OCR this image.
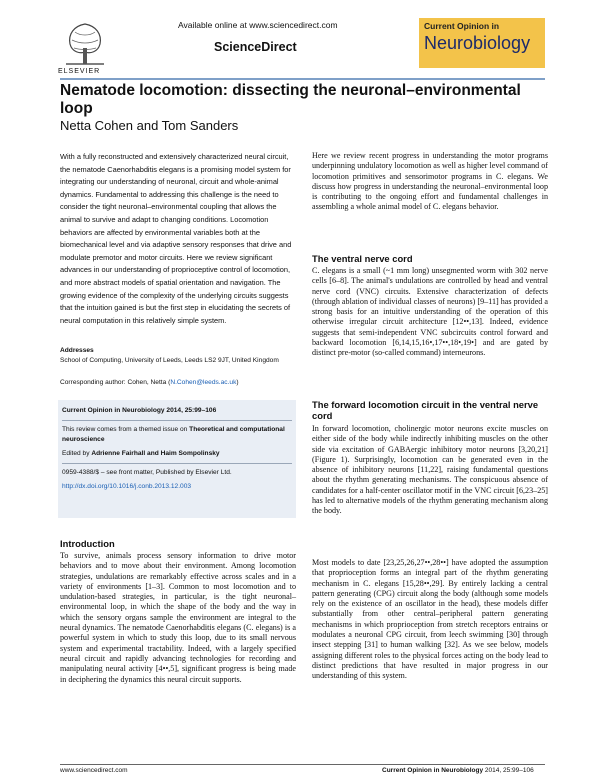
ELSEVIER
Available online at www.sciencedirect.com
ScienceDirect
Current Opinion in
Neurobiology
Nematode locomotion: dissecting the neuronal–environmental loop
Netta Cohen and Tom Sanders
With a fully reconstructed and extensively characterized neural circuit, the nematode Caenorhabditis elegans is a promising model system for integrating our understanding of neuronal, circuit and whole-animal dynamics. Fundamental to addressing this challenge is the need to consider the tight neuronal–environmental coupling that allows the animal to survive and adapt to changing conditions. Locomotion behaviors are affected by environmental variables both at the biomechanical level and via adaptive sensory responses that drive and modulate premotor and motor circuits. Here we review significant advances in our understanding of proprioceptive control of locomotion, and more abstract models of spatial orientation and navigation. The growing evidence of the complexity of the underlying circuits suggests that the intuition gained is but the first step in elucidating the secrets of neural computation in this relatively simple system.
Addresses
School of Computing, University of Leeds, Leeds LS2 9JT, United Kingdom
Corresponding author: Cohen, Netta (N.Cohen@leeds.ac.uk)
Current Opinion in Neurobiology 2014, 25:99–106
This review comes from a themed issue on Theoretical and computational neuroscience
Edited by Adrienne Fairhall and Haim Sompolinsky
0959-4388/$ – see front matter, Published by Elsevier Ltd.
http://dx.doi.org/10.1016/j.conb.2013.12.003
Introduction
To survive, animals process sensory information to drive motor behaviors and to move about their environment. Among locomotion strategies, undulations are remarkably effective across scales and in a variety of environments [1–3]. Common to most locomotion and to undulation-based strategies, in particular, is the tight neuronal–environmental loop, in which the shape of the body and the way in which the sensory organs sample the environment are integral to the neural dynamics. The nematode Caenorhabditis elegans (C. elegans) is a powerful system in which to study this loop, due to its small nervous system and experimental tractability. Indeed, with a largely specified neural circuit and rapidly advancing technologies for recording and manipulating neural activity [4••,5], significant progress is being made in deciphering the dynamics this neural circuit supports.
Here we review recent progress in understanding the motor programs underpinning undulatory locomotion as well as higher level command of locomotion primitives and sensorimotor programs in C. elegans. We discuss how progress in understanding the neuronal–environmental loop is contributing to the ongoing effort and fundamental challenges in assembling a whole animal model of C. elegans behavior.
The ventral nerve cord
C. elegans is a small (~1 mm long) unsegmented worm with 302 nerve cells [6–8]. The animal's undulations are controlled by head and ventral nerve cord (VNC) circuits. Extensive characterization of defects (through ablation of individual classes of neurons) [9–11] has provided a strong basis for an intuitive understanding of the operation of this otherwise irregular circuit architecture [12••,13]. Indeed, evidence suggests that semi-independent VNC subcircuits control forward and backward locomotion [6,14,15,16•,17••,18•,19•] and are gated by distinct pre-motor (so-called command) interneurons.
The forward locomotion circuit in the ventral nerve cord
In forward locomotion, cholinergic motor neurons excite muscles on either side of the body while indirectly inhibiting muscles on the other side via excitation of GABAergic inhibitory motor neurons [3,20,21] (Figure 1). Surprisingly, locomotion can be generated even in the absence of inhibitory neurons [11,22], raising fundamental questions about the rhythm generating mechanisms. The conspicuous absence of candidates for a half-center oscillator motif in the VNC circuit [6,23–25] has led to alternative models of the rhythm generating mechanism along the body.
Most models to date [23,25,26,27••,28••] have adopted the assumption that proprioception forms an integral part of the rhythm generating mechanism in C. elegans [15,28••,29]. By entirely lacking a central pattern generating (CPG) circuit along the body (although some models rely on the existence of an oscillator in the head), these models differ substantially from other central–peripheral pattern generating mechanisms in which proprioception from stretch receptors entrains or modulates a neuronal CPG circuit, from leech swimming [30] through insect stepping [31] to human walking [32]. As we see below, models assigning different roles to the physical forces acting on the body lead to distinct predictions that have resulted in major progress in our understanding of this system.
www.sciencedirect.com	Current Opinion in Neurobiology 2014, 25:99–106
